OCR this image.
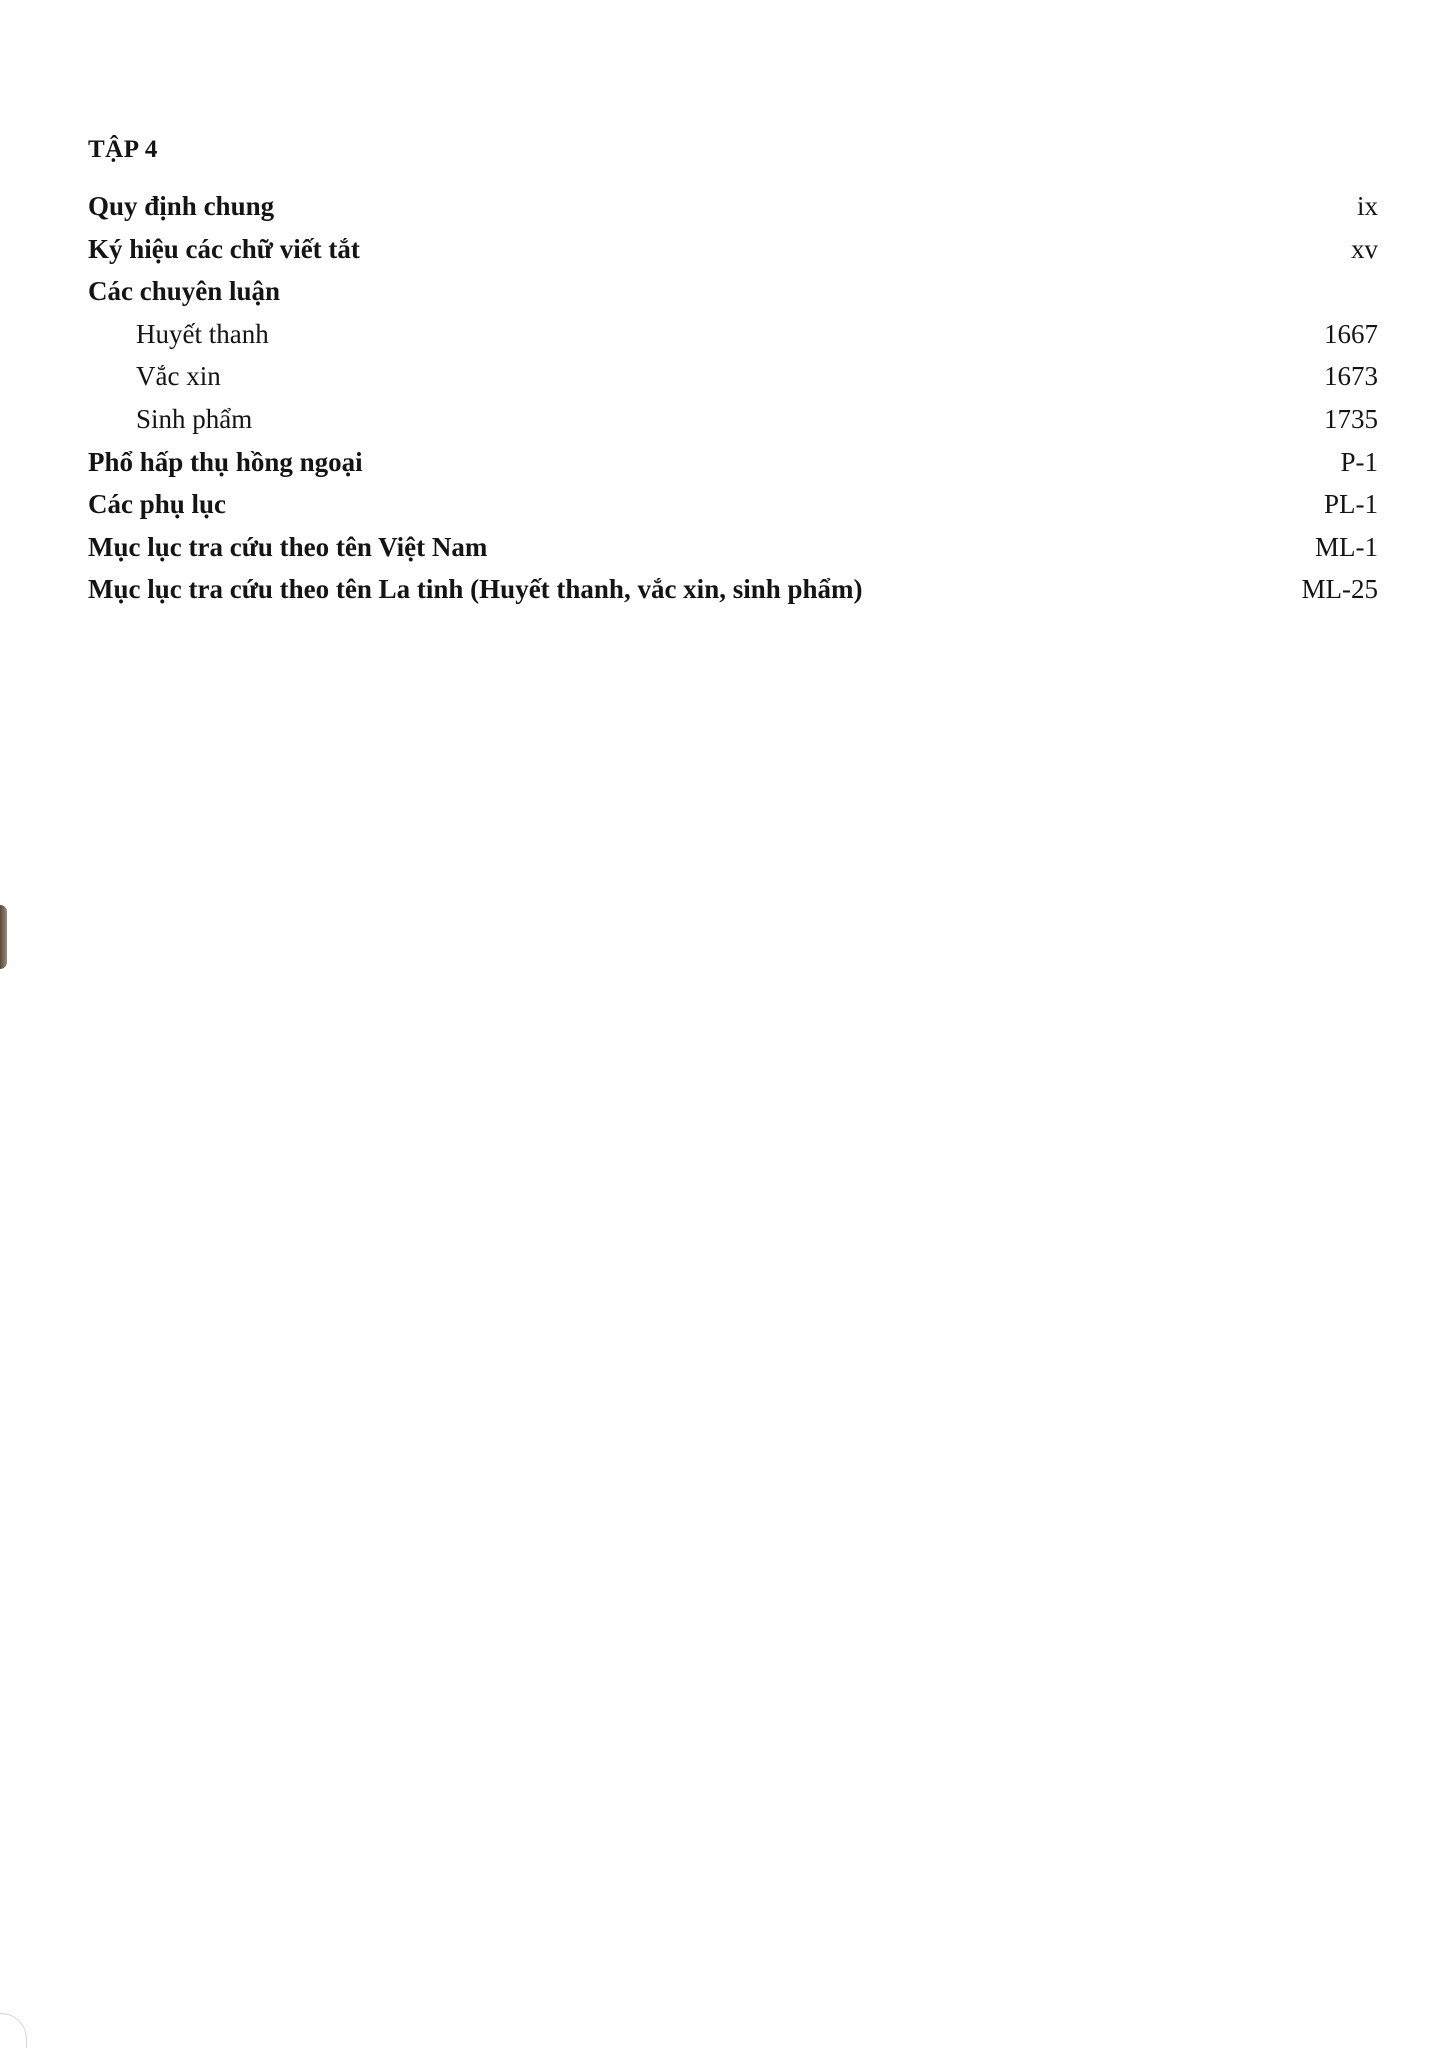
TẬP 4
Quy định chung	ix
Ký hiệu các chữ viết tắt	xv
Các chuyên luận
Huyết thanh	1667
Vắc xin	1673
Sinh phẩm	1735
Phổ hấp thụ hồng ngoại	P-1
Các phụ lục	PL-1
Mục lục tra cứu theo tên Việt Nam	ML-1
Mục lục tra cứu theo tên La tinh (Huyết thanh, vắc xin, sinh phẩm)	ML-25
